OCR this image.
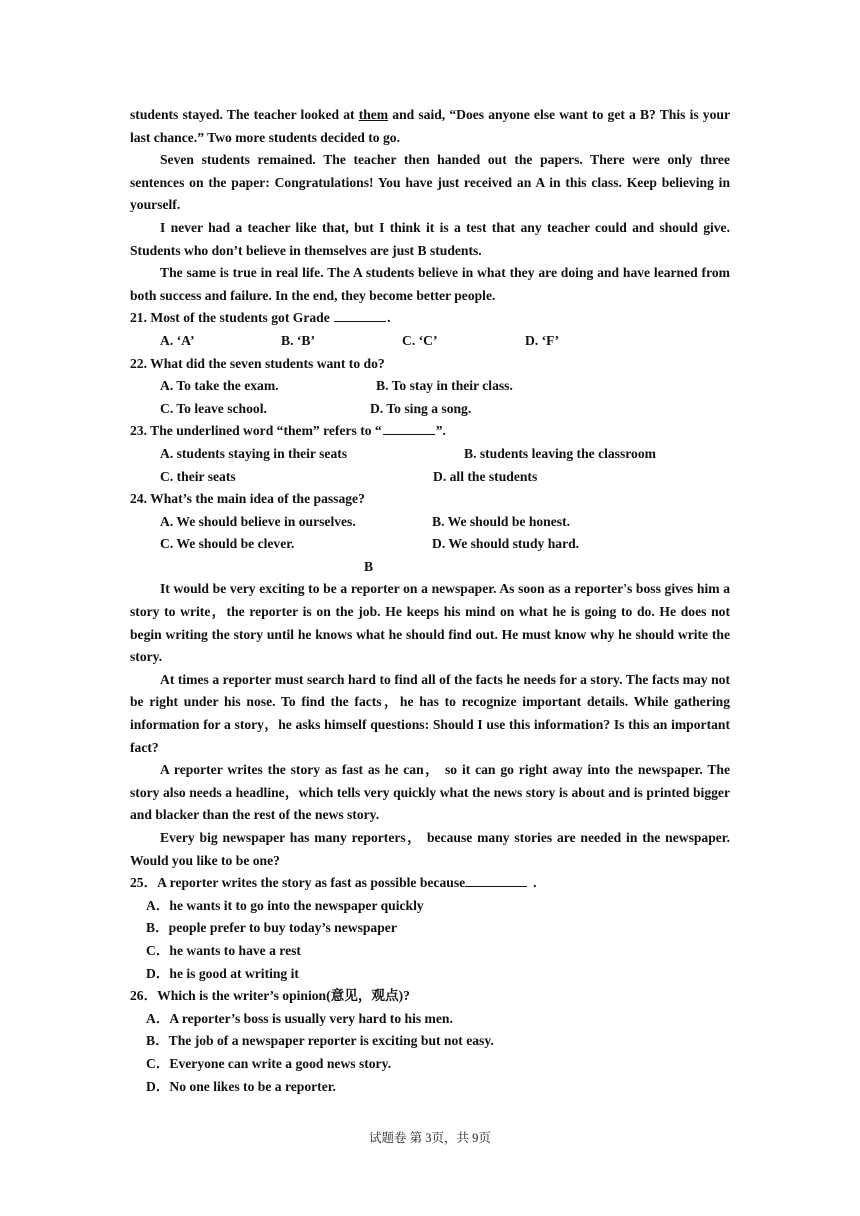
students stayed. The teacher looked at them and said, “Does anyone else want to get a B? This is your last chance.” Two more students decided to go.

Seven students remained. The teacher then handed out the papers. There were only three sentences on the paper: Congratulations! You have just received an A in this class. Keep believing in yourself.

I never had a teacher like that, but I think it is a test that any teacher could and should give. Students who don’t believe in themselves are just B students.

The same is true in real life. The A students believe in what they are doing and have learned from both success and failure. In the end, they become better people.

21. Most of the students got Grade	.

A. ‘A’	B. ‘B’	C. ‘C’	D. ‘F’

22. What did the seven students want to do?

A. To take the exam.	B. To stay in their class.
C. To leave school.	D. To sing a song.

23. The underlined word “them” refers to “	”.

A. students staying in their seats	B. students leaving the classroom
C. their seats	D. all the students

24. What’s the main idea of the passage?

A. We should believe in ourselves.	B. We should be honest.
C. We should be clever.	D. We should study hard.

B

It would be very exciting to be a reporter on a newspaper. As soon as a reporter's boss gives him a story to write，the reporter is on the job. He keeps his mind on what he is going to do. He does not begin writing the story until he knows what he should find out. He must know why he should write the story.

At times a reporter must search hard to find all of the facts he needs for a story. The facts may not be right under his nose. To find the facts，he has to recognize important details. While gathering information for a story，he asks himself questions: Should I use this information? Is this an important fact?

A reporter writes the story as fast as he can， so it can go right away into the newspaper. The story also needs a headline，which tells very quickly what the news story is about and is printed bigger and blacker than the rest of the news story.

Every big newspaper has many reporters， because many stories are needed in the newspaper. Would you like to be one?

25．A reporter writes the story as fast as possible because	.

A．he wants it to go into the newspaper quickly

B．people prefer to buy today’s newspaper

C．he wants to have a rest

D．he is good at writing it

26．Which is the writer’s opinion(意见，观点)?

A．A reporter’s boss is usually very hard to his men.

B．The job of a newspaper reporter is exciting but not easy.

C．Everyone can write a good news story.

D．No one likes to be a reporter.

试题卷 第 3页，共 9页
